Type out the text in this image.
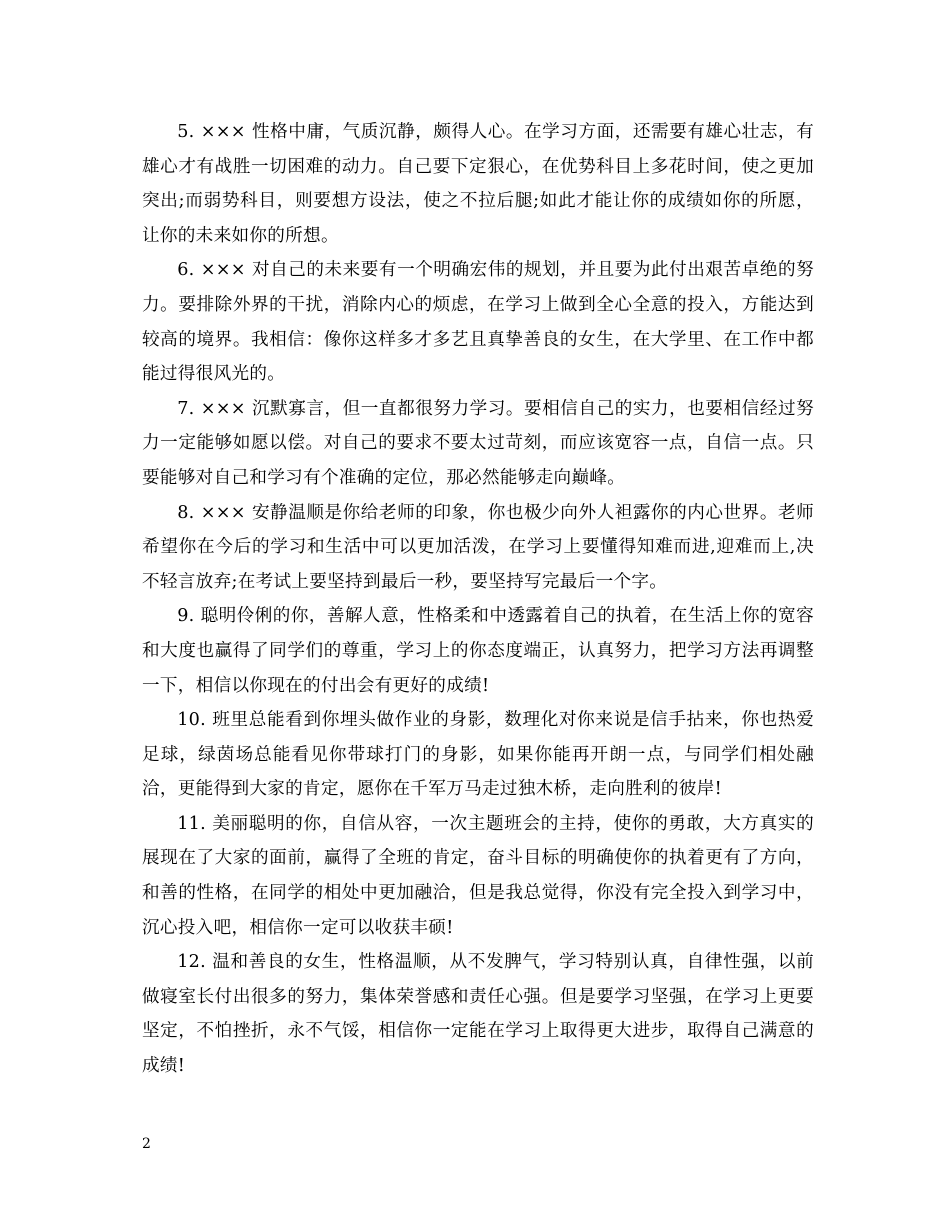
5. ××× 性格中庸，气质沉静，颇得人心。在学习方面，还需要有雄心壮志，有雄心才有战胜一切困难的动力。自己要下定狠心，在优势科目上多花时间，使之更加突出;而弱势科目，则要想方设法，使之不拉后腿;如此才能让你的成绩如你的所愿，让你的未来如你的所想。

6. ××× 对自己的未来要有一个明确宏伟的规划，并且要为此付出艰苦卓绝的努力。要排除外界的干扰，消除内心的烦虑，在学习上做到全心全意的投入，方能达到较高的境界。我相信：像你这样多才多艺且真挚善良的女生，在大学里、在工作中都能过得很风光的。

7. ××× 沉默寡言，但一直都很努力学习。要相信自己的实力，也要相信经过努力一定能够如愿以偿。对自己的要求不要太过苛刻，而应该宽容一点，自信一点。只要能够对自己和学习有个准确的定位，那必然能够走向巅峰。

8. ××× 安静温顺是你给老师的印象，你也极少向外人袒露你的内心世界。老师希望你在今后的学习和生活中可以更加活泼，在学习上要懂得知难而进,迎难而上,决不轻言放弃;在考试上要坚持到最后一秒，要坚持写完最后一个字。

9. 聪明伶俐的你，善解人意，性格柔和中透露着自己的执着，在生活上你的宽容和大度也赢得了同学们的尊重，学习上的你态度端正，认真努力，把学习方法再调整一下，相信以你现在的付出会有更好的成绩!

10. 班里总能看到你埋头做作业的身影，数理化对你来说是信手拈来，你也热爱足球，绿茵场总能看见你带球打门的身影，如果你能再开朗一点，与同学们相处融洽，更能得到大家的肯定，愿你在千军万马走过独木桥，走向胜利的彼岸!

11. 美丽聪明的你，自信从容，一次主题班会的主持，使你的勇敢，大方真实的展现在了大家的面前，赢得了全班的肯定，奋斗目标的明确使你的执着更有了方向，和善的性格，在同学的相处中更加融洽，但是我总觉得，你没有完全投入到学习中，沉心投入吧，相信你一定可以收获丰硕!

12. 温和善良的女生，性格温顺，从不发脾气，学习特别认真，自律性强，以前做寝室长付出很多的努力，集体荣誉感和责任心强。但是要学习坚强，在学习上更要坚定，不怕挫折，永不气馁，相信你一定能在学习上取得更大进步，取得自己满意的成绩!

2
